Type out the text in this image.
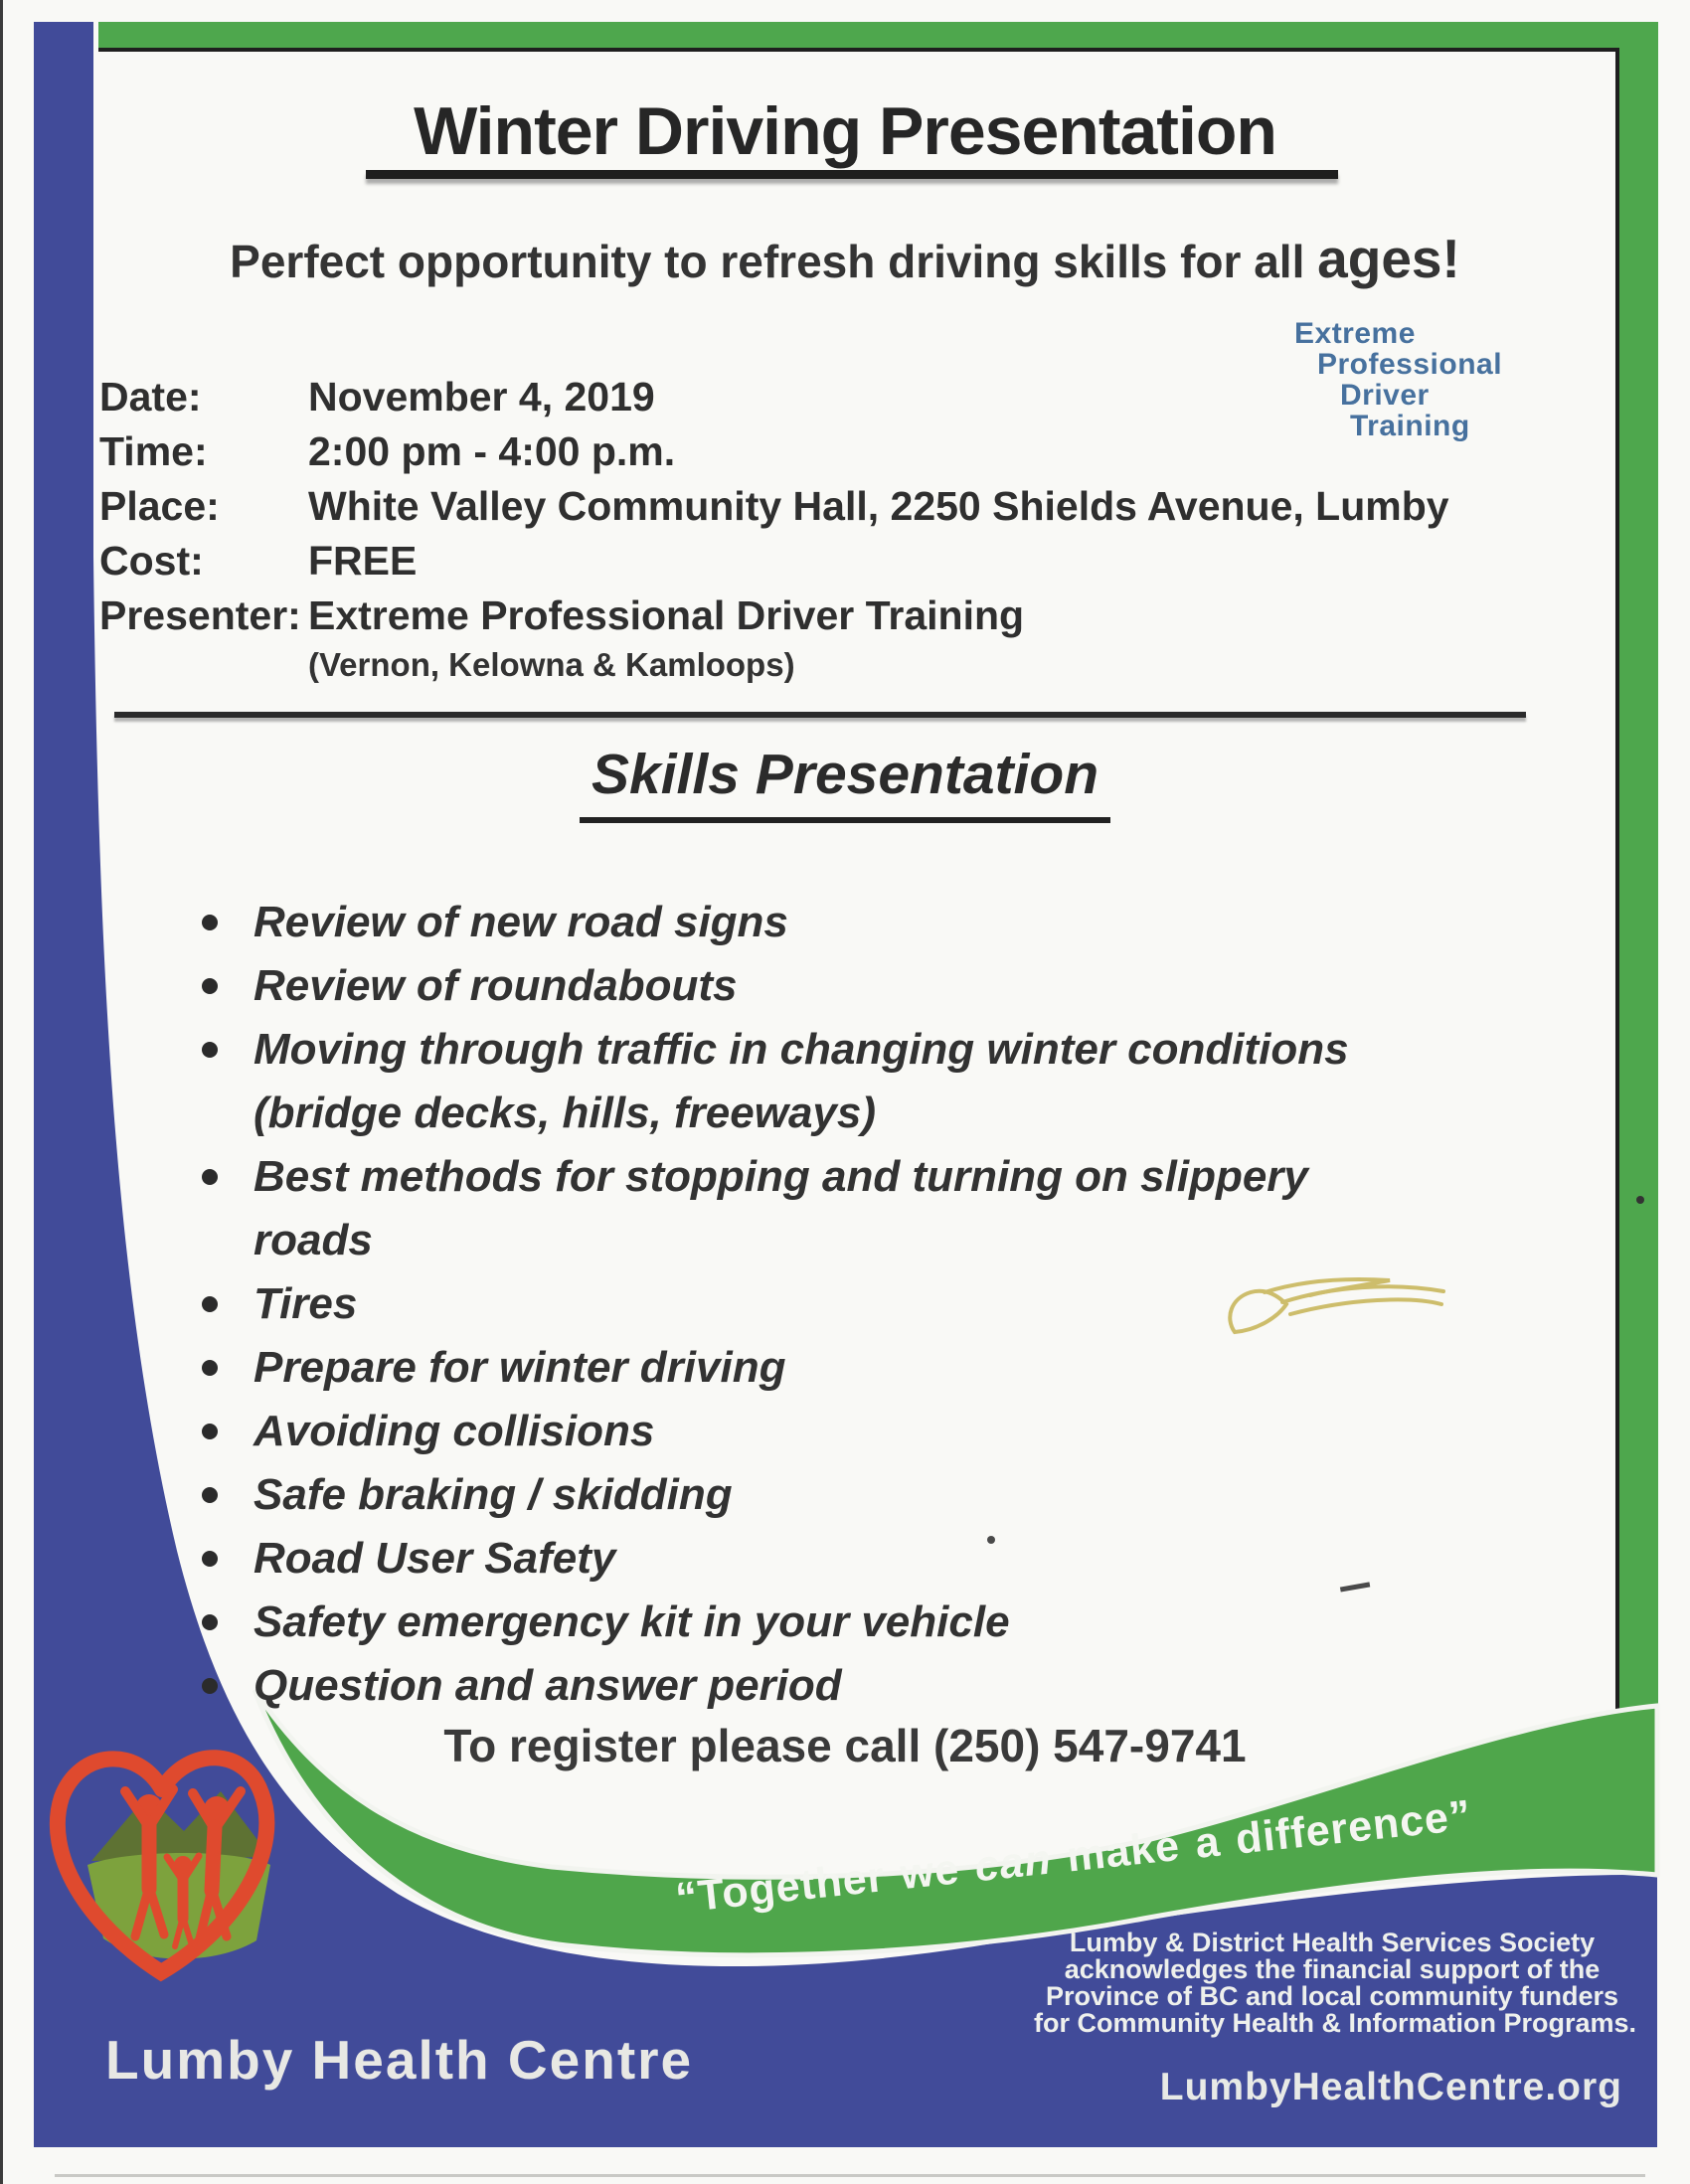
Winter Driving Presentation
Perfect opportunity to refresh driving skills for all ages!
Extreme
Professional
Driver
Training
Date:	November 4, 2019
Time: 2:00 pm - 4:00 p.m.
Place: White Valley Community Hall, 2250 Shields Avenue, Lumby
Cost:	FREE
Presenter: Extreme Professional Driver Training
(Vernon, Kelowna & Kamloops)
Skills Presentation
Review of new road signs
Review of roundabouts
Moving through traffic in changing winter conditions
(bridge decks, hills, freeways)
Best methods for stopping and turning on slippery
roads
Tires
Prepare for winter driving
Avoiding collisions
Safe braking / skidding
Road User Safety
Safety emergency kit in your vehicle
Question and answer period
To register please call (250) 547-9741
“Together we can make a difference”
Lumby & District Health Services Society
acknowledges the financial support of the
Province of BC and local community funders
for Community Health & Information Programs.
Lumby Health Centre	LumbyHealthCentre.org
